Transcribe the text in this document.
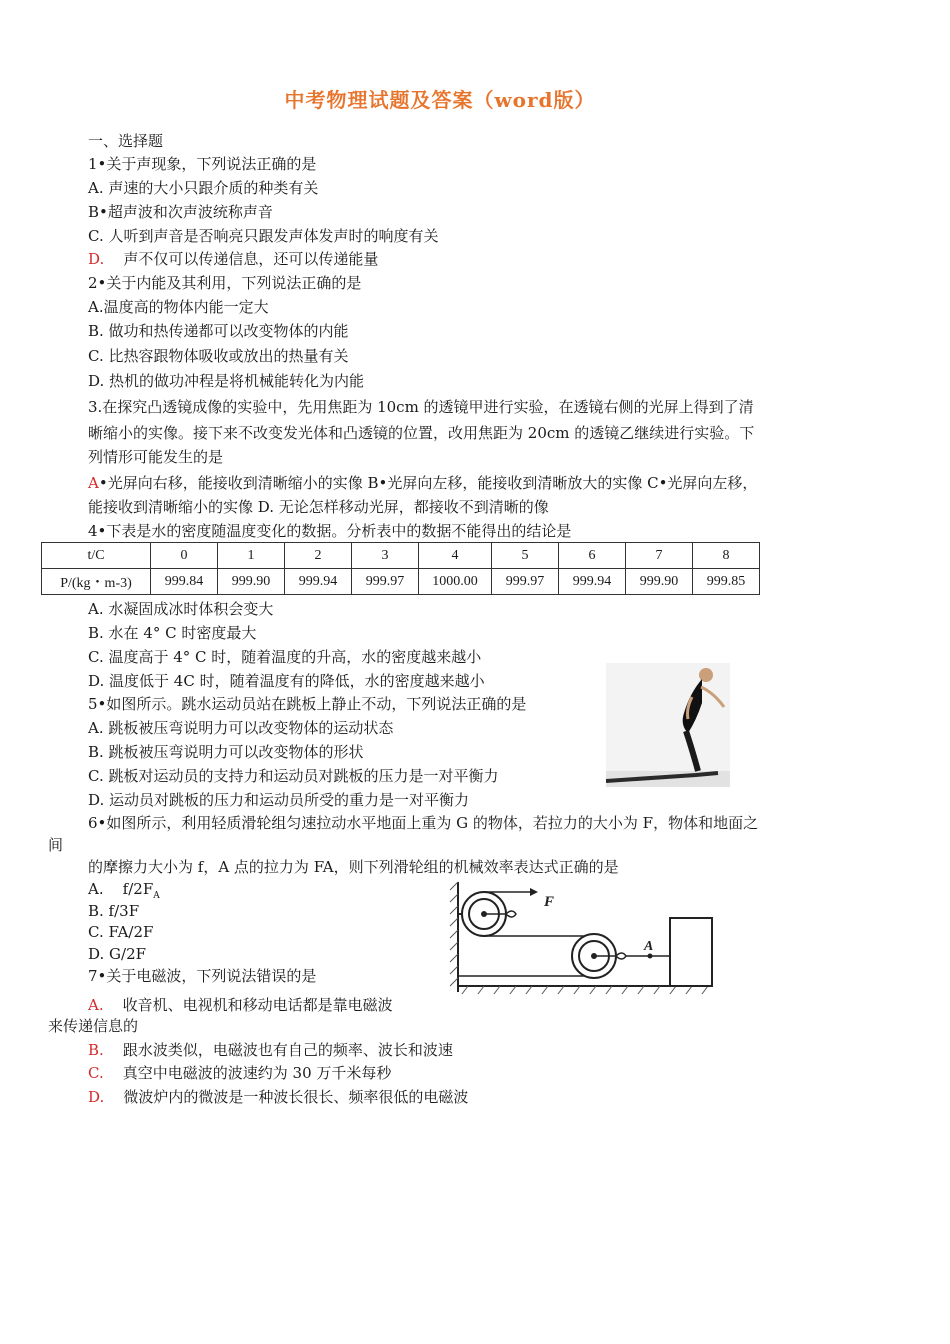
中考物理试题及答案（word版）
一、选择题
1•关于声现象，下列说法正确的是
A. 声速的大小只跟介质的种类有关
B•超声波和次声波统称声音
C. 人听到声音是否响亮只跟发声体发声时的响度有关
D.    声不仅可以传递信息，还可以传递能量
2•关于内能及其利用，下列说法正确的是
A.温度高的物体内能一定大
B. 做功和热传递都可以改变物体的内能
C. 比热容跟物体吸收或放出的热量有关
D. 热机的做功冲程是将机械能转化为内能
3.在探究凸透镜成像的实验中，先用焦距为 10cm 的透镜甲进行实验，在透镜右侧的光屏上得到了清
晰缩小的实像。接下来不改变发光体和凸透镜的位置，改用焦距为 20cm 的透镜乙继续进行实验。下
列情形可能发生的是
A•光屏向右移，能接收到清晰缩小的实像 B•光屏向左移，能接收到清晰放大的实像 C•光屏向左移，
能接收到清晰缩小的实像 D. 无论怎样移动光屏，都接收不到清晰的像
4•下表是水的密度随温度变化的数据。分析表中的数据不能得出的结论是
t/C	0	1	2	3	4	5	6	7	8
P/(kg・m-3)	999.84	999.90	999.94	999.97	1000.00	999.97	999.94	999.90	999.85
A. 水凝固成冰时体积会变大
B. 水在 4° C 时密度最大
C. 温度高于 4° C 时，随着温度的升高，水的密度越来越小
D. 温度低于 4C 时，随着温度有的降低，水的密度越来越小
5•如图所示。跳水运动员站在跳板上静止不动，下列说法正确的是
A. 跳板被压弯说明力可以改变物体的运动状态
B. 跳板被压弯说明力可以改变物体的形状
C. 跳板对运动员的支持力和运动员对跳板的压力是一对平衡力
D. 运动员对跳板的压力和运动员所受的重力是一对平衡力
6•如图所示，利用轻质滑轮组匀速拉动水平地面上重为 G 的物体，若拉力的大小为 F，物体和地面之
间
的摩擦力大小为 f，A 点的拉力为 FA，则下列滑轮组的机械效率表达式正确的是
A.    $f/2F_A$
B. f/3F
C. FA/2F
D. G/2F
F
A
7•关于电磁波，下列说法错误的是
A.    收音机、电视机和移动电话都是靠电磁波
来传递信息的
B.    跟水波类似，电磁波也有自己的频率、波长和波速
C.    真空中电磁波的波速约为 30 万千米每秒
D.    微波炉内的微波是一种波长很长、频率很低的电磁波
